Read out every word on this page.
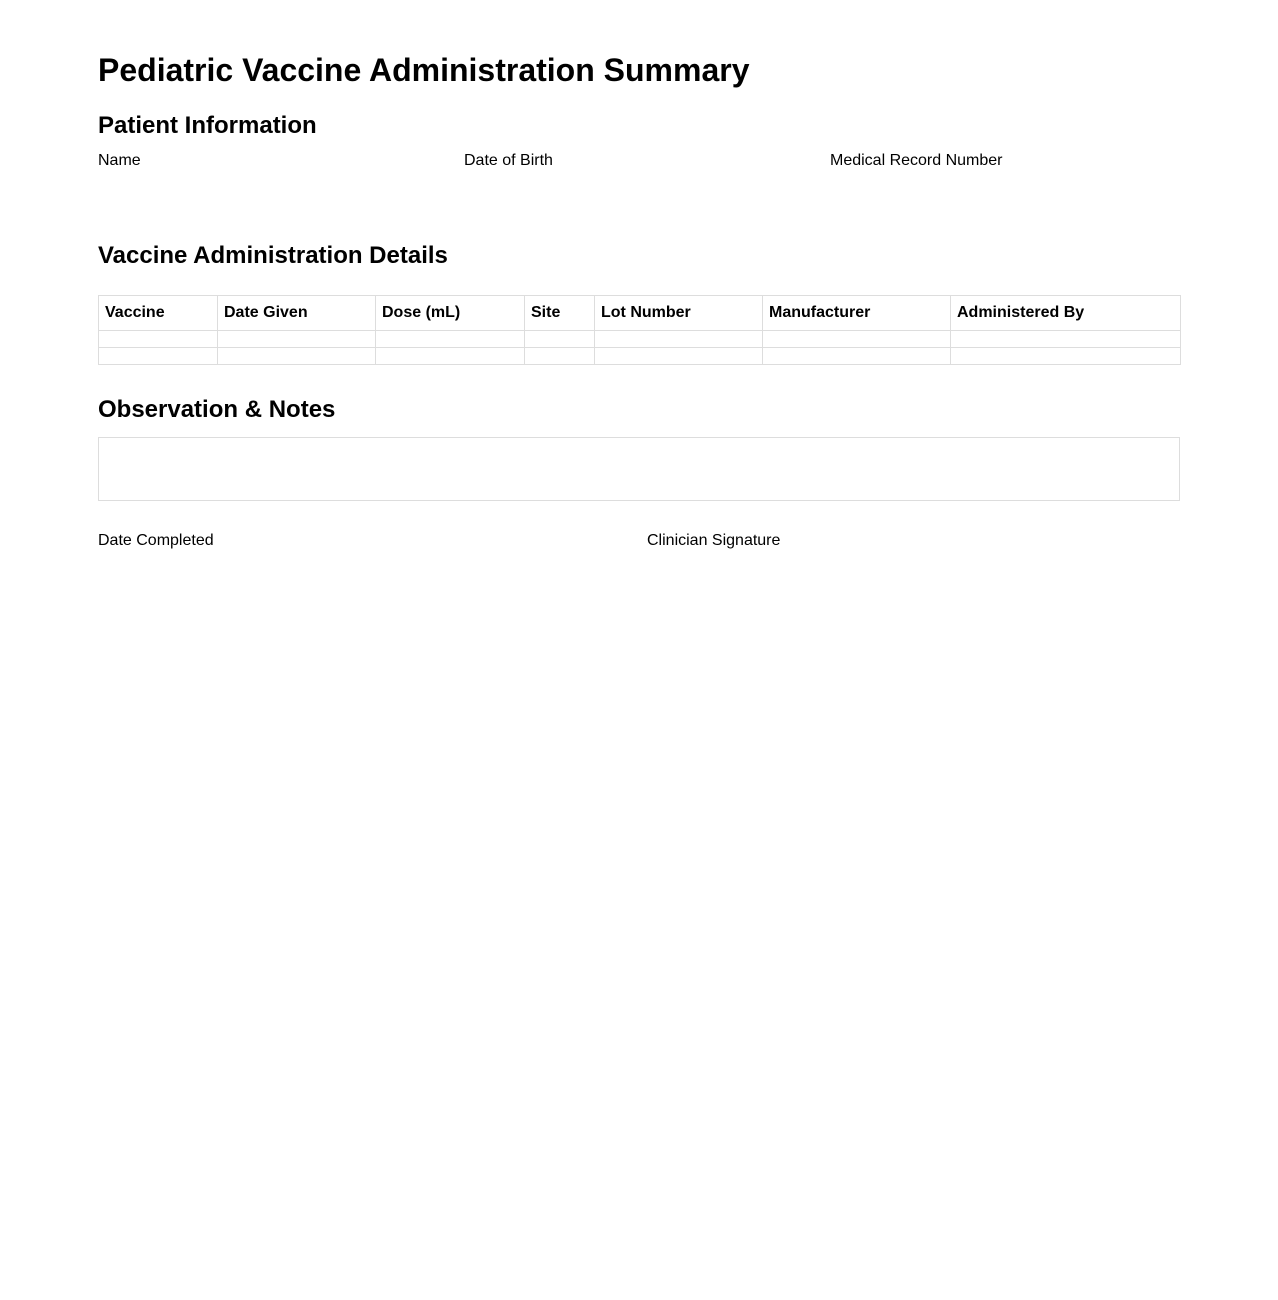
Pediatric Vaccine Administration Summary
Patient Information
Name	Date of Birth	Medical Record Number
Vaccine Administration Details
Vaccine	Date Given	Dose (mL)	Site	Lot Number	Manufacturer	Administered By

Observation & Notes
Date Completed	Clinician Signature
